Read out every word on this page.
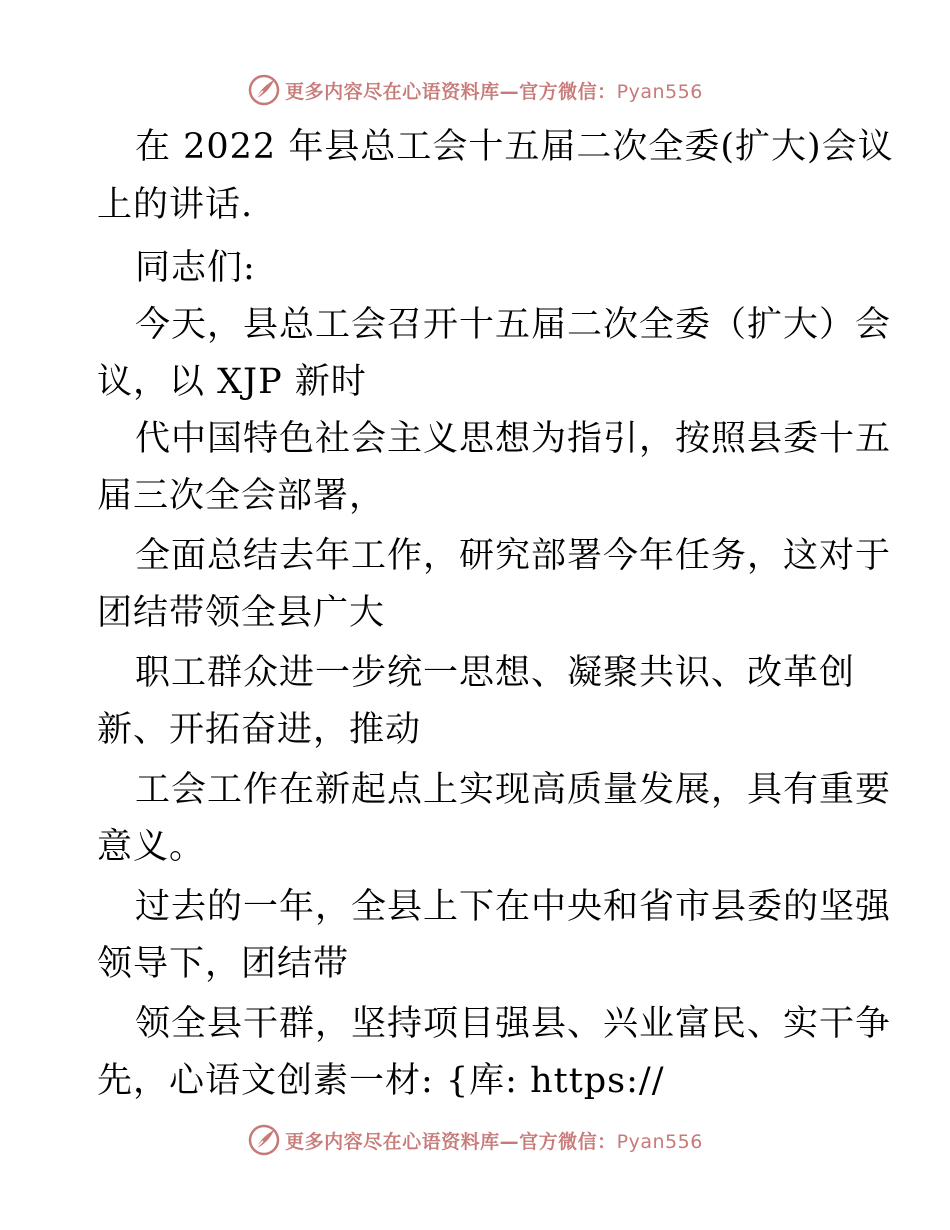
更多内容尽在心语资料库—官方微信：Pyan556
在 2022 年县总工会十五届二次全委(扩大)会议
上的讲话.
同志们:
今天，县总工会召开十五届二次全委（扩大）会
议，以 XJP 新时
代中国特色社会主义思想为指引，按照县委十五
届三次全会部署，
全面总结去年工作，研究部署今年任务，这对于
团结带领全县广大
职工群众进一步统一思想、凝聚共识、改革创
新、开拓奋进，推动
工会工作在新起点上实现高质量发展，具有重要
意义。
过去的一年，全县上下在中央和省市县委的坚强
领导下，团结带
领全县干群，坚持项目强县、兴业富民、实干争
先，心语文创素一材: {库: https://
更多内容尽在心语资料库—官方微信：Pyan556
